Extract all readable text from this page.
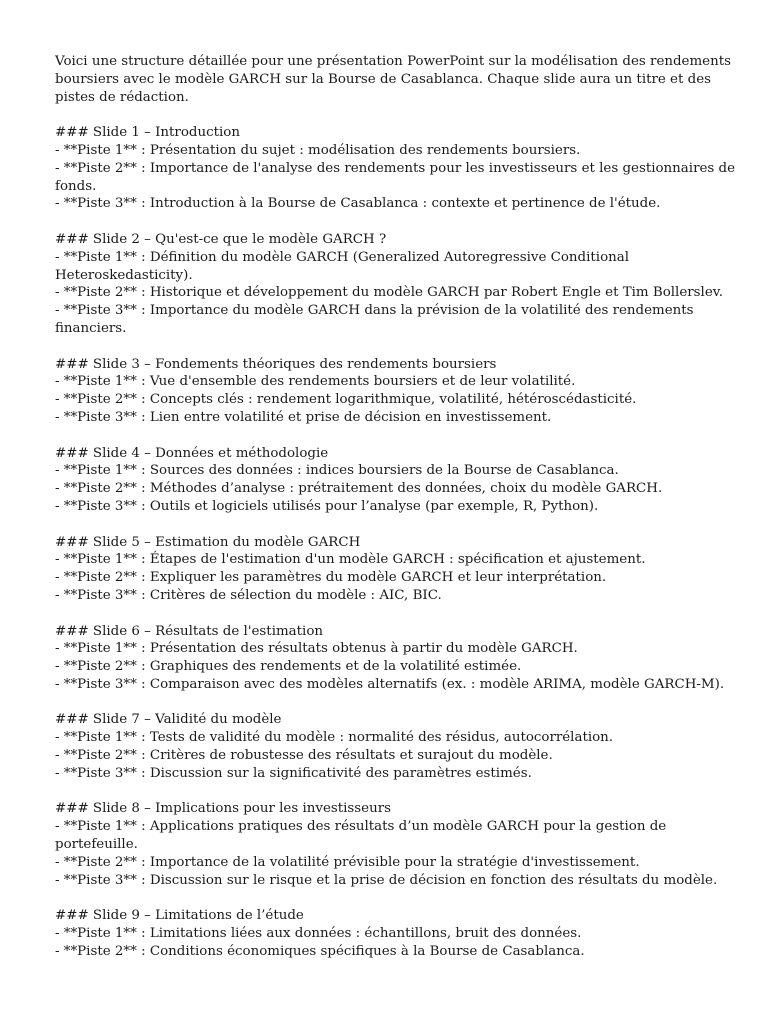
Voici une structure détaillée pour une présentation PowerPoint sur la modélisation des rendements boursiers avec le modèle GARCH sur la Bourse de Casablanca. Chaque slide aura un titre et des pistes de rédaction.

### Slide 1 – Introduction

- **Piste 1** : Présentation du sujet : modélisation des rendements boursiers.

- **Piste 2** : Importance de l'analyse des rendements pour les investisseurs et les gestionnaires de fonds.

- **Piste 3** : Introduction à la Bourse de Casablanca : contexte et pertinence de l'étude.

### Slide 2 – Qu'est-ce que le modèle GARCH ?

- **Piste 1** : Définition du modèle GARCH (Generalized Autoregressive Conditional Heteroskedasticity).

- **Piste 2** : Historique et développement du modèle GARCH par Robert Engle et Tim Bollerslev.

- **Piste 3** : Importance du modèle GARCH dans la prévision de la volatilité des rendements financiers.

### Slide 3 – Fondements théoriques des rendements boursiers

- **Piste 1** : Vue d'ensemble des rendements boursiers et de leur volatilité.

- **Piste 2** : Concepts clés : rendement logarithmique, volatilité, hétéroscédasticité.

- **Piste 3** : Lien entre volatilité et prise de décision en investissement.

### Slide 4 – Données et méthodologie

- **Piste 1** : Sources des données : indices boursiers de la Bourse de Casablanca.

- **Piste 2** : Méthodes d’analyse : prétraitement des données, choix du modèle GARCH.

- **Piste 3** : Outils et logiciels utilisés pour l’analyse (par exemple, R, Python).

### Slide 5 – Estimation du modèle GARCH

- **Piste 1** : Étapes de l'estimation d'un modèle GARCH : spécification et ajustement.

- **Piste 2** : Expliquer les paramètres du modèle GARCH et leur interprétation.

- **Piste 3** : Critères de sélection du modèle : AIC, BIC.

### Slide 6 – Résultats de l'estimation

- **Piste 1** : Présentation des résultats obtenus à partir du modèle GARCH.

- **Piste 2** : Graphiques des rendements et de la volatilité estimée.

- **Piste 3** : Comparaison avec des modèles alternatifs (ex. : modèle ARIMA, modèle GARCH-M).

### Slide 7 – Validité du modèle

- **Piste 1** : Tests de validité du modèle : normalité des résidus, autocorrélation.

- **Piste 2** : Critères de robustesse des résultats et surajout du modèle.

- **Piste 3** : Discussion sur la significativité des paramètres estimés.

### Slide 8 – Implications pour les investisseurs

- **Piste 1** : Applications pratiques des résultats d’un modèle GARCH pour la gestion de portefeuille.

- **Piste 2** : Importance de la volatilité prévisible pour la stratégie d'investissement.

- **Piste 3** : Discussion sur le risque et la prise de décision en fonction des résultats du modèle.

### Slide 9 – Limitations de l’étude

- **Piste 1** : Limitations liées aux données : échantillons, bruit des données.

- **Piste 2** : Conditions économiques spécifiques à la Bourse de Casablanca.
